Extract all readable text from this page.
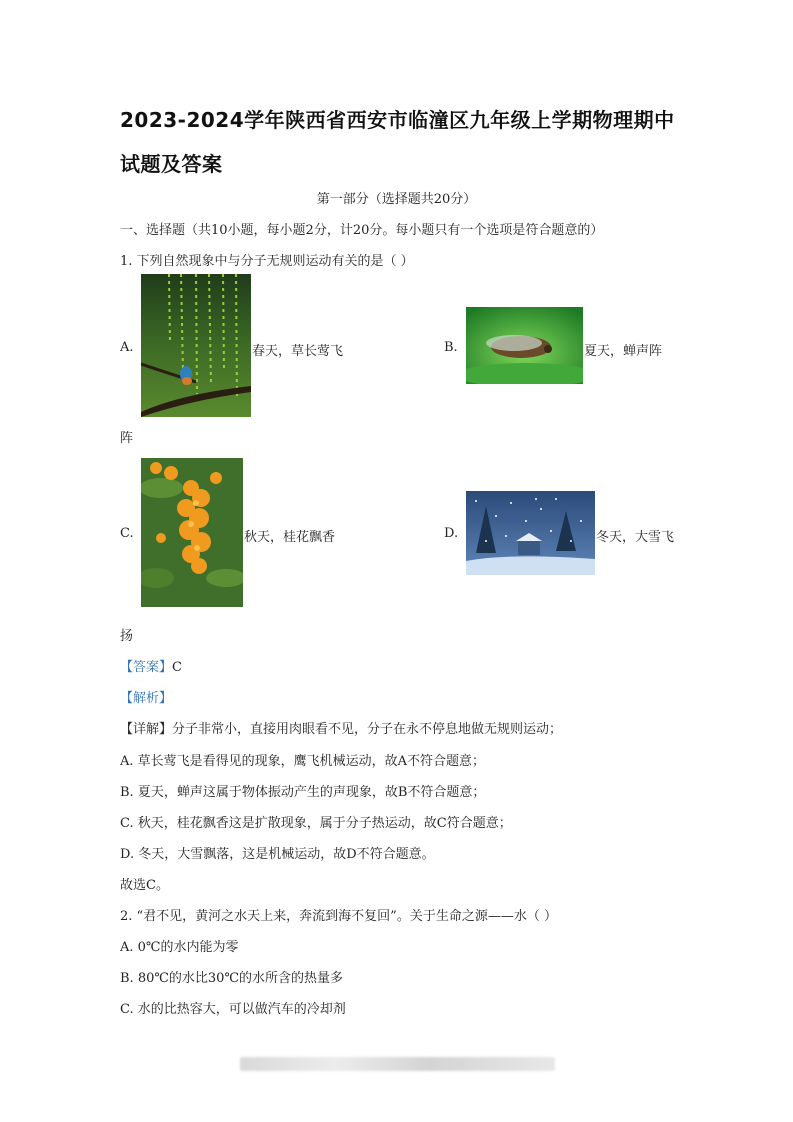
2023-2024学年陕西省西安市临潼区九年级上学期物理期中
试题及答案
第一部分（选择题共20分）
一、选择题（共10小题，每小题2分，计20分。每小题只有一个选项是符合题意的）
1. 下列自然现象中与分子无规则运动有关的是（ ）
A.	春天，草长莺飞	B.	夏天，蝉声阵
阵
C.	秋天，桂花飘香	D.	冬天，大雪飞
扬
【答案】C
【解析】
【详解】分子非常小，直接用肉眼看不见，分子在永不停息地做无规则运动；
A. 草长莺飞是看得见的现象，鹰飞机械运动，故A不符合题意；
B. 夏天，蝉声这属于物体振动产生的声现象，故B不符合题意；
C. 秋天，桂花飘香这是扩散现象，属于分子热运动，故C符合题意；
D. 冬天，大雪飘落，这是机械运动，故D不符合题意。
故选C。
2. “君不见，黄河之水天上来，奔流到海不复回”。关于生命之源——水（ ）
A. 0℃的水内能为零
B. 80℃的水比30℃的水所含的热量多
C. 水的比热容大，可以做汽车的冷却剂
